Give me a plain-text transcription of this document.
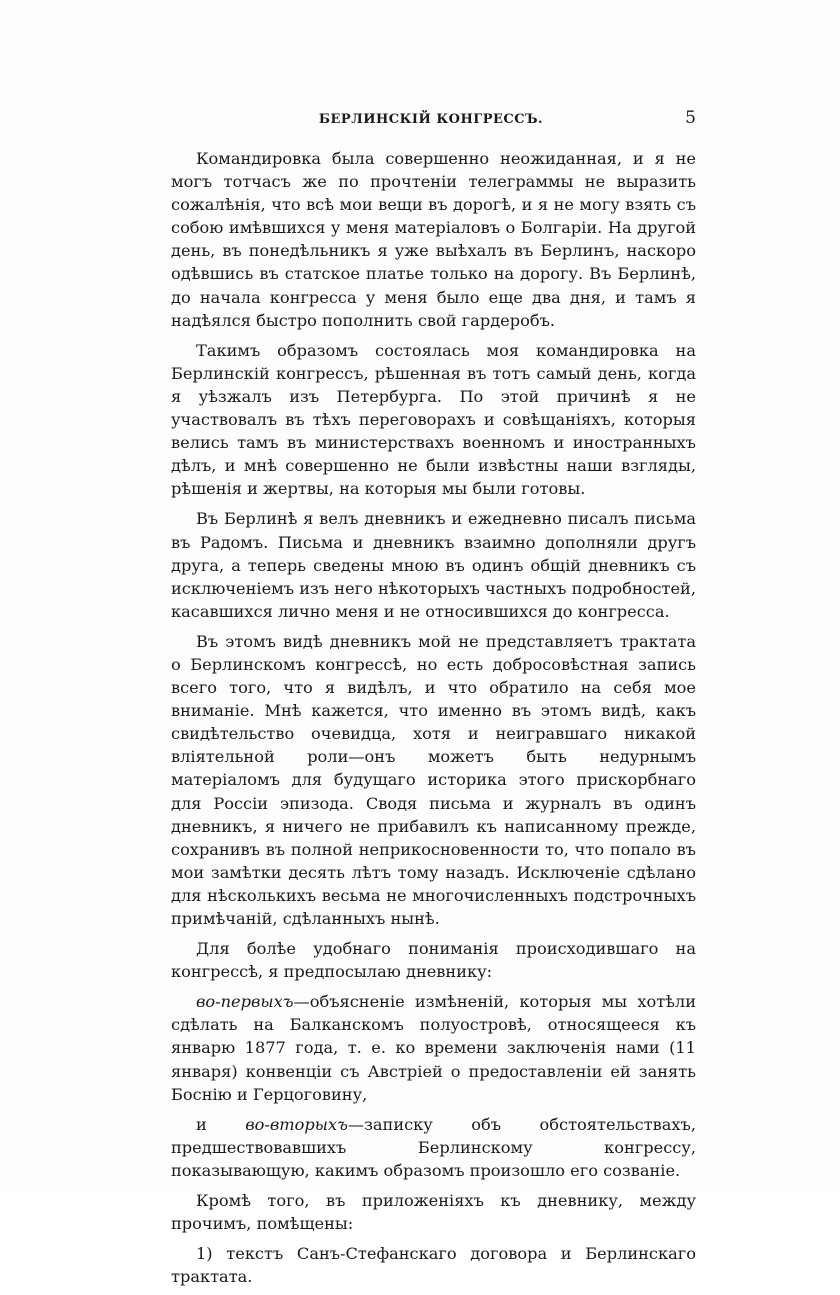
БЕРЛИНСКІЙ КОНГРЕССЪ.	5

Командировка была совершенно неожиданная, и я не могъ тотчасъ же по прочтеніи телеграммы не выразить сожалѣнія, что всѣ мои вещи въ дорогѣ, и я не могу взять съ собою имѣвшихся у меня матеріаловъ о Болгаріи. На другой день, въ понедѣльникъ я уже выѣхалъ въ Берлинъ, наскоро одѣвшись въ статское платье только на дорогу. Въ Берлинѣ, до начала конгресса у меня было еще два дня, и тамъ я надѣялся быстро пополнить свой гардеробъ.

Такимъ образомъ состоялась моя командировка на Берлинскій конгрессъ, рѣшенная въ тотъ самый день, когда я уѣзжалъ изъ Петербурга. По этой причинѣ я не участвовалъ въ тѣхъ переговорахъ и совѣщаніяхъ, которыя велись тамъ въ министерствахъ военномъ и иностранныхъ дѣлъ, и мнѣ совершенно не были извѣстны наши взгляды, рѣшенія и жертвы, на которыя мы были готовы.

Въ Берлинѣ я велъ дневникъ и ежедневно писалъ письма въ Радомъ. Письма и дневникъ взаимно дополняли другъ друга, а теперь сведены мною въ одинъ общій дневникъ съ исключеніемъ изъ него нѣкоторыхъ частныхъ подробностей, касавшихся лично меня и не относившихся до конгресса.

Въ этомъ видѣ дневникъ мой не представляетъ трактата о Берлинскомъ конгрессѣ, но есть добросовѣстная запись всего того, что я видѣлъ, и что обратило на себя мое вниманіе. Мнѣ кажется, что именно въ этомъ видѣ, какъ свидѣтельство очевидца, хотя и неигравшаго никакой вліятельной роли—онъ можетъ быть недурнымъ матеріаломъ для будущаго историка этого прискорбнаго для Россіи эпизода. Сводя письма и журналъ въ одинъ дневникъ, я ничего не прибавилъ къ написанному прежде, сохранивъ въ полной неприкосновенности то, что попало въ мои замѣтки десять лѣтъ тому назадъ. Исключеніе сдѣлано для нѣсколькихъ весьма не многочисленныхъ подстрочныхъ примѣчаній, сдѣланныхъ нынѣ.

Для болѣе удобнаго пониманія происходившаго на конгрессѣ, я предпосылаю дневнику:

во-первыхъ—объясненіе измѣненій, которыя мы хотѣли сдѣлать на Балканскомъ полуостровѣ, относящееся къ январю 1877 года, т. е. ко времени заключенія нами (11 января) конвенціи съ Австріей о предоставленіи ей занять Боснію и Герцоговину,

и во-вторыхъ—записку объ обстоятельствахъ, предшествовавшихъ Берлинскому конгрессу, показывающую, какимъ образомъ произошло его созваніе.

Кромѣ того, въ приложеніяхъ къ дневнику, между прочимъ, помѣщены:

1) текстъ Санъ-Стефанскаго договора и Берлинскаго трактата.
